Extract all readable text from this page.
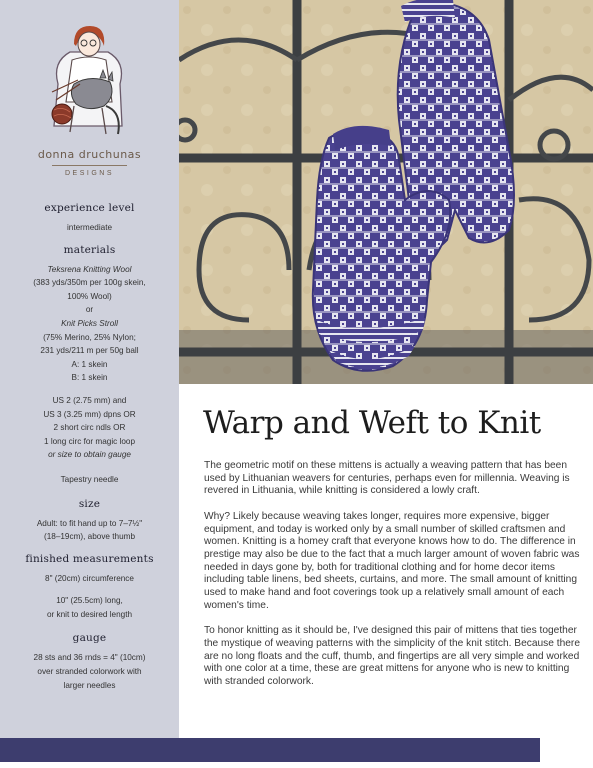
donna druchunas
DESIGNS
experience level
intermediate
materials
Teksrena Knitting Wool
(383 yds/350m per 100g skein,
100% Wool)
or
Knit Picks Stroll
(75% Merino, 25% Nylon;
231 yds/211 m per 50g ball
A: 1 skein
B: 1 skein
US 2 (2.75 mm) and
US 3 (3.25 mm) dpns OR
2 short circ ndls OR
1 long circ for magic loop
or size to obtain gauge
Tapestry needle
size
Adult: to fit hand up to 7–7½"
(18–19cm), above thumb
finished measurements
8" (20cm) circumference
10" (25.5cm) long,
or knit to desired length
gauge
28 sts and 36 rnds = 4" (10cm)
over stranded colorwork with
larger needles
Warp and Weft to Knit

The geometric motif on these mittens is actually a weaving pattern that has been used by Lithuanian weavers for centuries, perhaps even for millennia. Weaving is revered in Lithuania, while knitting is considered a lowly craft.

Why? Likely because weaving takes longer, requires more expensive, bigger equipment, and today is worked only by a small number of skilled craftsmen and women. Knitting is a homey craft that everyone knows how to do. The difference in prestige may also be due to the fact that a much larger amount of woven fabric was needed in days gone by, both for traditional clothing and for home decor items including table linens, bed sheets, curtains, and more. The small amount of knitting used to make hand and foot coverings took up a relatively small amount of each women's time.

To honor knitting as it should be, I've designed this pair of mittens that ties together the mystique of weaving patterns with the simplicity of the knit stitch. Because there are no long floats and the cuff, thumb, and fingertips are all very simple and worked with one color at a time, these are great mittens for anyone who is new to knitting with stranded colorwork.
